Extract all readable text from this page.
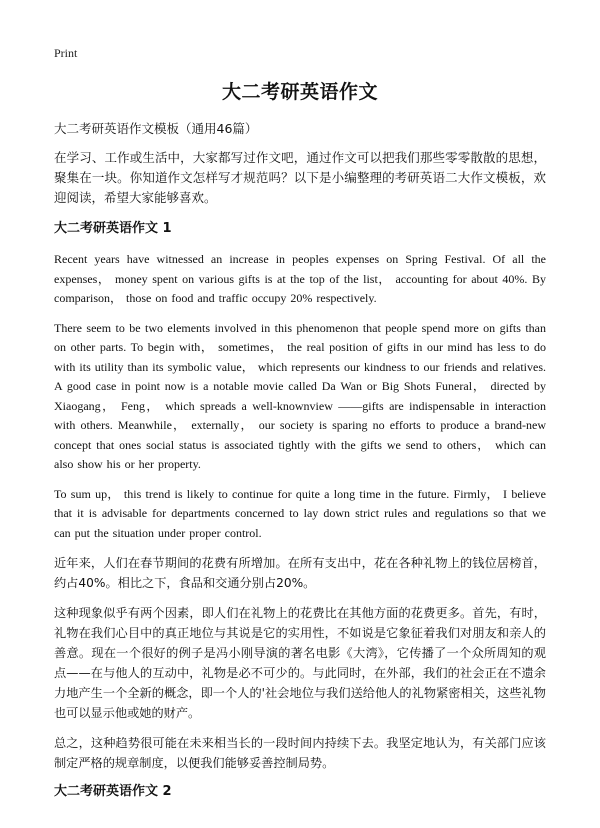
Print
大二考研英语作文

大二考研英语作文模板（通用46篇）

在学习、工作或生活中，大家都写过作文吧，通过作文可以把我们那些零零散散的思想，聚集在一块。你知道作文怎样写才规范吗？以下是小编整理的考研英语二大作文模板，欢迎阅读，希望大家能够喜欢。

大二考研英语作文 1

Recent years have witnessed an increase in peoples expenses on Spring Festival. Of all the expenses， money spent on various gifts is at the top of the list， accounting for about 40%. By comparison， those on food and traffic occupy 20% respectively.

There seem to be two elements involved in this phenomenon that people spend more on gifts than on other parts. To begin with， sometimes， the real position of gifts in our mind has less to do with its utility than its symbolic value， which represents our kindness to our friends and relatives. A good case in point now is a notable movie called Da Wan or Big Shots Funeral， directed by Xiaogang， Feng， which spreads a well-knownview ——gifts are indispensable in interaction with others. Meanwhile， externally， our society is sparing no efforts to produce a brand-new concept that ones social status is associated tightly with the gifts we send to others， which can also show his or her property.

To sum up， this trend is likely to continue for quite a long time in the future. Firmly， I believe that it is advisable for departments concerned to lay down strict rules and regulations so that we can put the situation under proper control.

近年来，人们在春节期间的花费有所增加。在所有支出中，花在各种礼物上的钱位居榜首，约占40%。相比之下，食品和交通分别占20%。

这种现象似乎有两个因素，即人们在礼物上的花费比在其他方面的花费更多。首先，有时，礼物在我们心目中的真正地位与其说是它的实用性，不如说是它象征着我们对朋友和亲人的善意。现在一个很好的例子是冯小刚导演的著名电影《大湾》，它传播了一个众所周知的观点——在与他人的互动中，礼物是必不可少的。与此同时，在外部，我们的社会正在不遗余力地产生一个全新的概念，即一个人的'社会地位与我们送给他人的礼物紧密相关，这些礼物也可以显示他或她的财产。

总之，这种趋势很可能在未来相当长的一段时间内持续下去。我坚定地认为，有关部门应该制定严格的规章制度，以便我们能够妥善控制局势。

大二考研英语作文 2
